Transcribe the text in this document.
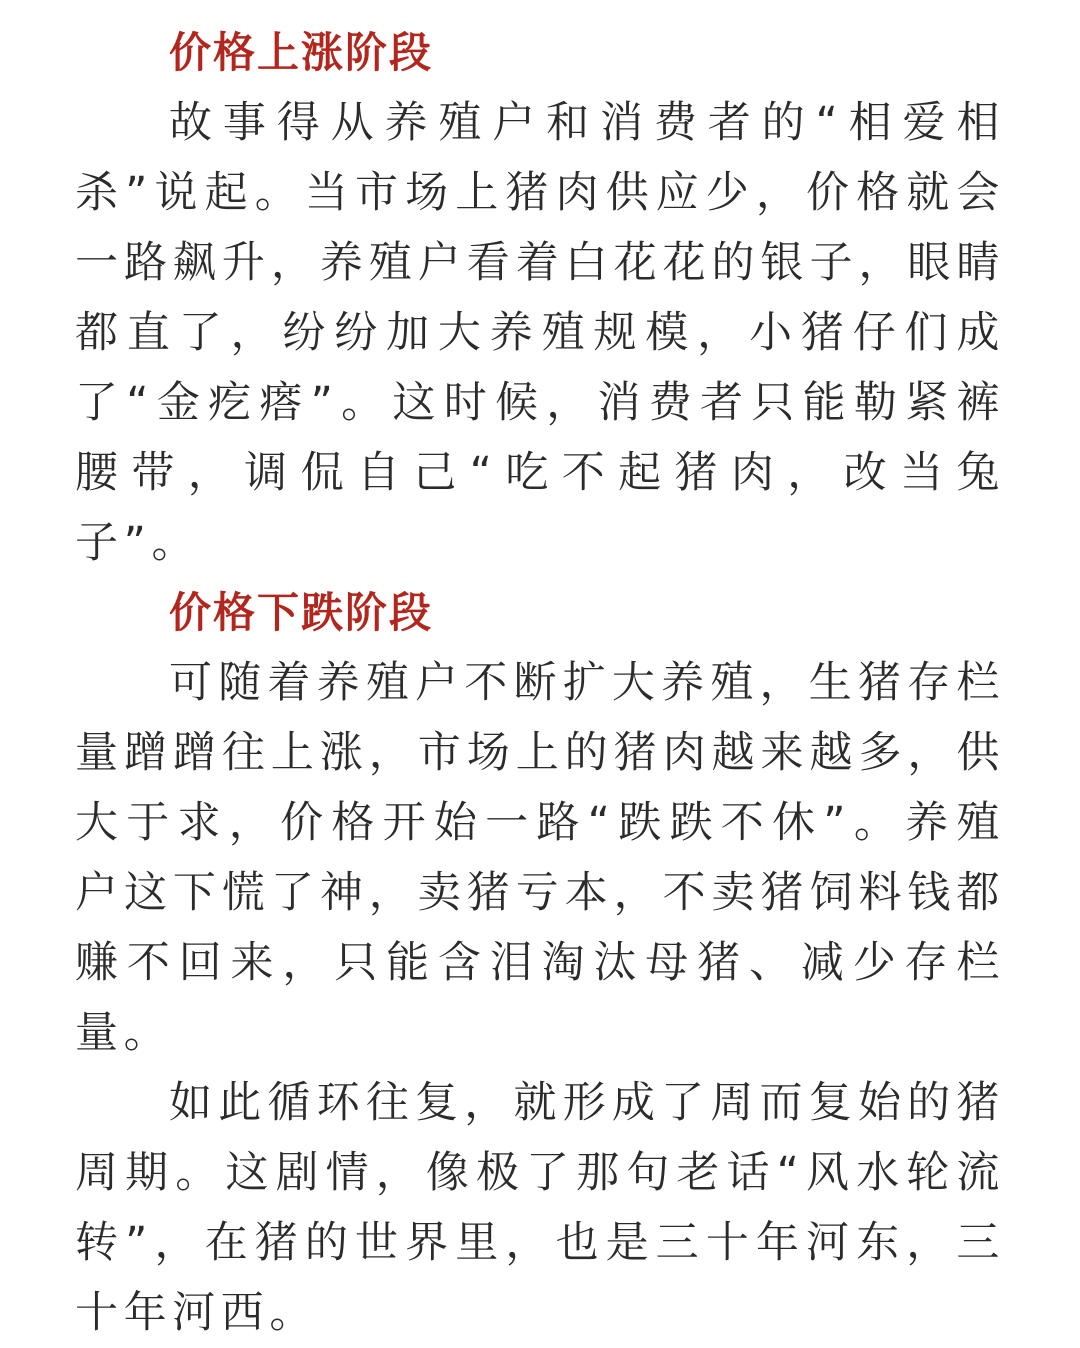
价格上涨阶段

故事得从养殖户和消费者的“相爱相杀”说起。当市场上猪肉供应少，价格就会一路飙升，养殖户看着白花花的银子，眼睛都直了，纷纷加大养殖规模，小猪仔们成了“金疙瘩”。这时候，消费者只能勒紧裤腰带，调侃自己“吃不起猪肉，改当兔子”。

价格下跌阶段

可随着养殖户不断扩大养殖，生猪存栏量蹭蹭往上涨，市场上的猪肉越来越多，供大于求，价格开始一路“跌跌不休”。养殖户这下慌了神，卖猪亏本，不卖猪饲料钱都赚不回来，只能含泪淘汰母猪、减少存栏量。

如此循环往复，就形成了周而复始的猪周期。这剧情，像极了那句老话“风水轮流转”，在猪的世界里，也是三十年河东，三十年河西。
